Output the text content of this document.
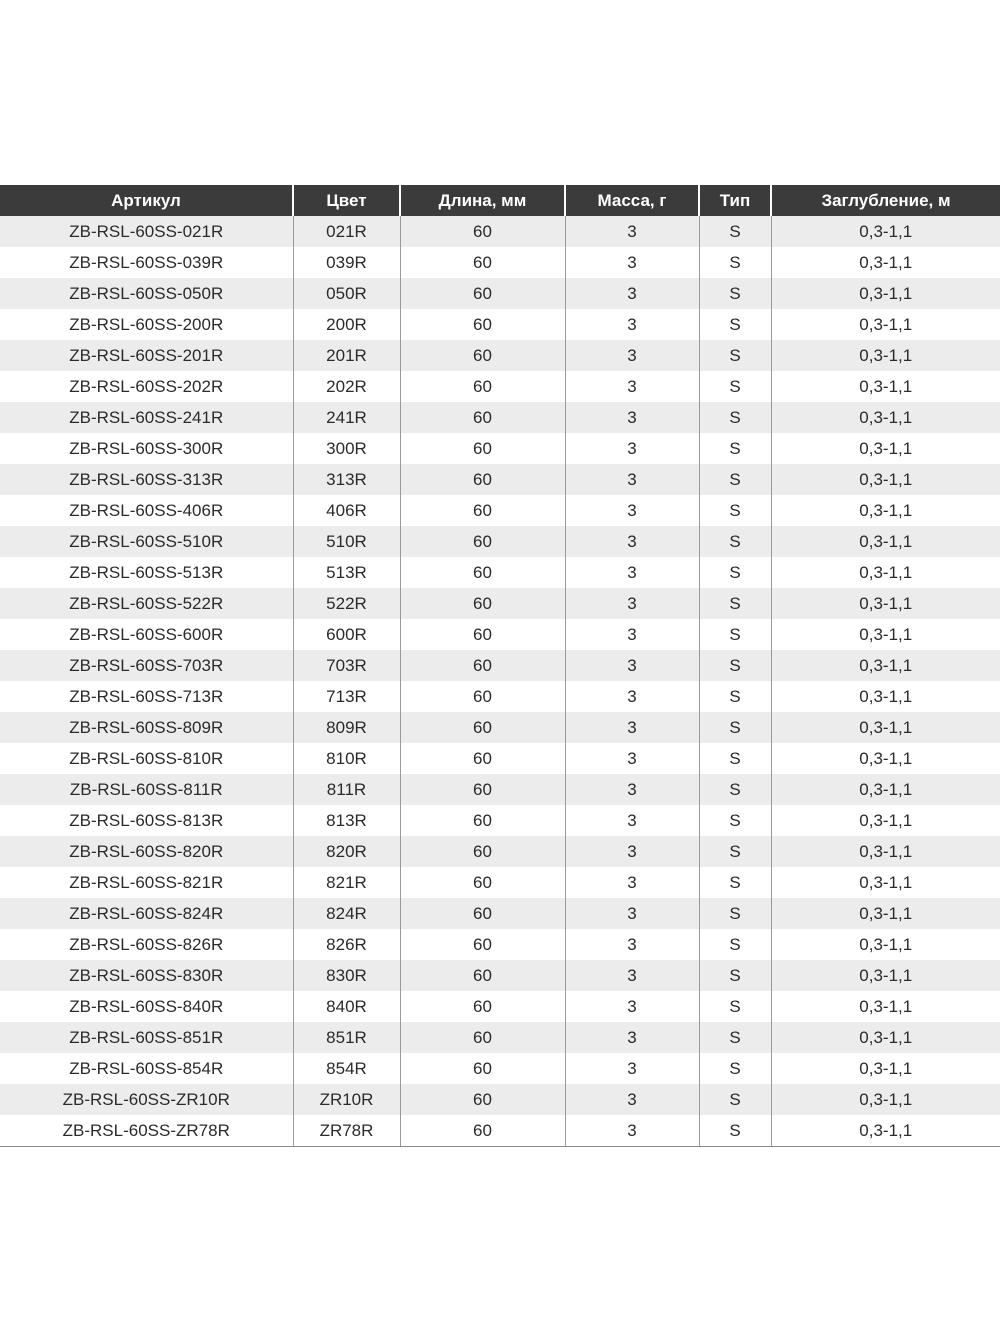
Артикул	Цвет	Длина, мм	Масса, г	Тип	Заглубление, м
ZB-RSL-60SS-021R	021R	60	3	S	0,3-1,1
ZB-RSL-60SS-039R	039R	60	3	S	0,3-1,1
ZB-RSL-60SS-050R	050R	60	3	S	0,3-1,1
ZB-RSL-60SS-200R	200R	60	3	S	0,3-1,1
ZB-RSL-60SS-201R	201R	60	3	S	0,3-1,1
ZB-RSL-60SS-202R	202R	60	3	S	0,3-1,1
ZB-RSL-60SS-241R	241R	60	3	S	0,3-1,1
ZB-RSL-60SS-300R	300R	60	3	S	0,3-1,1
ZB-RSL-60SS-313R	313R	60	3	S	0,3-1,1
ZB-RSL-60SS-406R	406R	60	3	S	0,3-1,1
ZB-RSL-60SS-510R	510R	60	3	S	0,3-1,1
ZB-RSL-60SS-513R	513R	60	3	S	0,3-1,1
ZB-RSL-60SS-522R	522R	60	3	S	0,3-1,1
ZB-RSL-60SS-600R	600R	60	3	S	0,3-1,1
ZB-RSL-60SS-703R	703R	60	3	S	0,3-1,1
ZB-RSL-60SS-713R	713R	60	3	S	0,3-1,1
ZB-RSL-60SS-809R	809R	60	3	S	0,3-1,1
ZB-RSL-60SS-810R	810R	60	3	S	0,3-1,1
ZB-RSL-60SS-811R	811R	60	3	S	0,3-1,1
ZB-RSL-60SS-813R	813R	60	3	S	0,3-1,1
ZB-RSL-60SS-820R	820R	60	3	S	0,3-1,1
ZB-RSL-60SS-821R	821R	60	3	S	0,3-1,1
ZB-RSL-60SS-824R	824R	60	3	S	0,3-1,1
ZB-RSL-60SS-826R	826R	60	3	S	0,3-1,1
ZB-RSL-60SS-830R	830R	60	3	S	0,3-1,1
ZB-RSL-60SS-840R	840R	60	3	S	0,3-1,1
ZB-RSL-60SS-851R	851R	60	3	S	0,3-1,1
ZB-RSL-60SS-854R	854R	60	3	S	0,3-1,1
ZB-RSL-60SS-ZR10R	ZR10R	60	3	S	0,3-1,1
ZB-RSL-60SS-ZR78R	ZR78R	60	3	S	0,3-1,1
